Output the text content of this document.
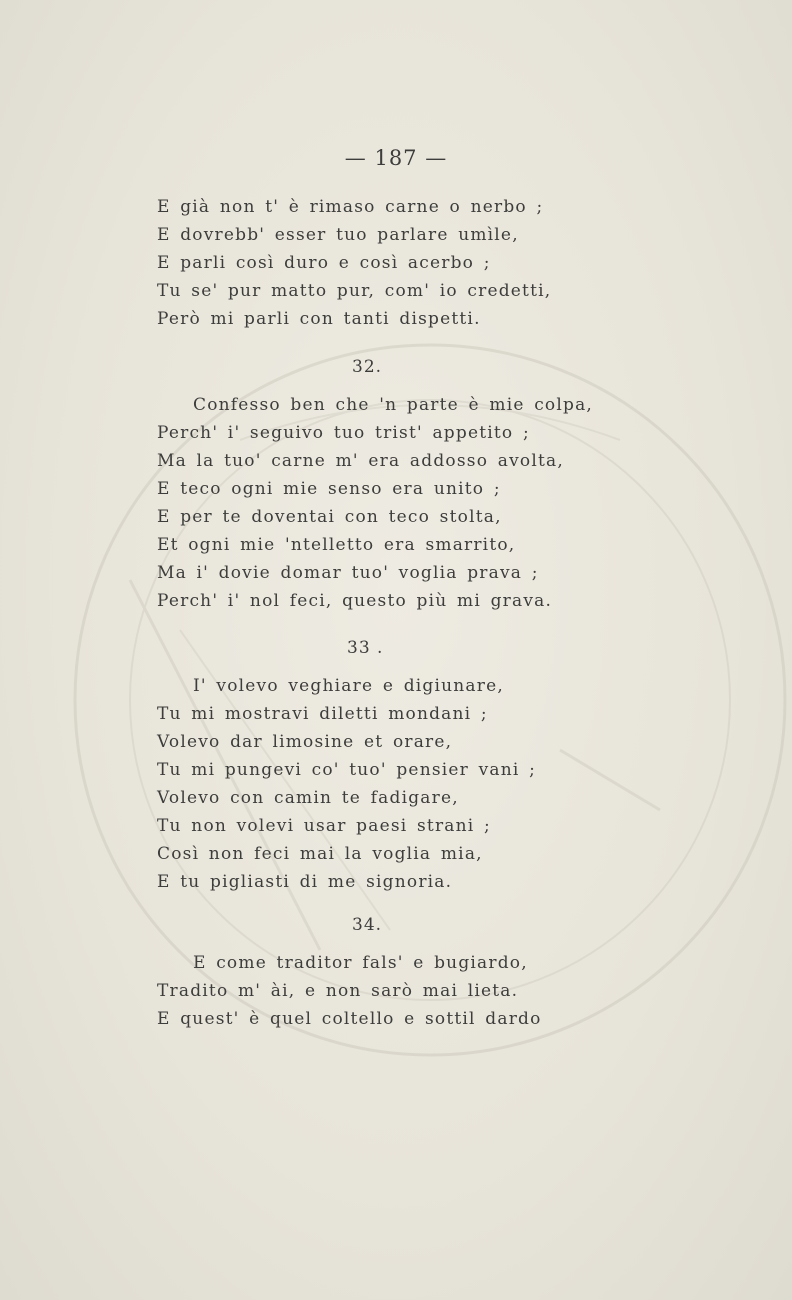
— 187 —
E già non t' è rimaso carne o nerbo ;
E dovrebb' esser tuo parlare umìle,
E parli così duro e così acerbo ;
Tu se' pur matto pur, com' io credetti,
Però mi parli con tanti dispetti.
32.
Confesso ben che 'n parte è mie colpa,
Perch' i' seguivo tuo trist' appetito ;
Ma la tuo' carne m' era addosso avolta,
E teco ogni mie senso era unito ;
E per te doventai con teco stolta,
Et ogni mie 'ntelletto era smarrito,
Ma i' dovie domar tuo' voglia prava ;
Perch' i' nol feci, questo più mi grava.
33 .
I' volevo veghiare e digiunare,
Tu mi mostravi diletti mondani ;
Volevo dar limosine et orare,
Tu mi pungevi co' tuo' pensier vani ;
Volevo con camin te fadigare,
Tu non volevi usar paesi strani ;
Così non feci mai la voglia mia,
E tu pigliasti di me signoria.
34.
E come traditor fals' e bugiardo,
Tradito m' ài, e non sarò mai lieta.
E quest' è quel coltello e sottil dardo
